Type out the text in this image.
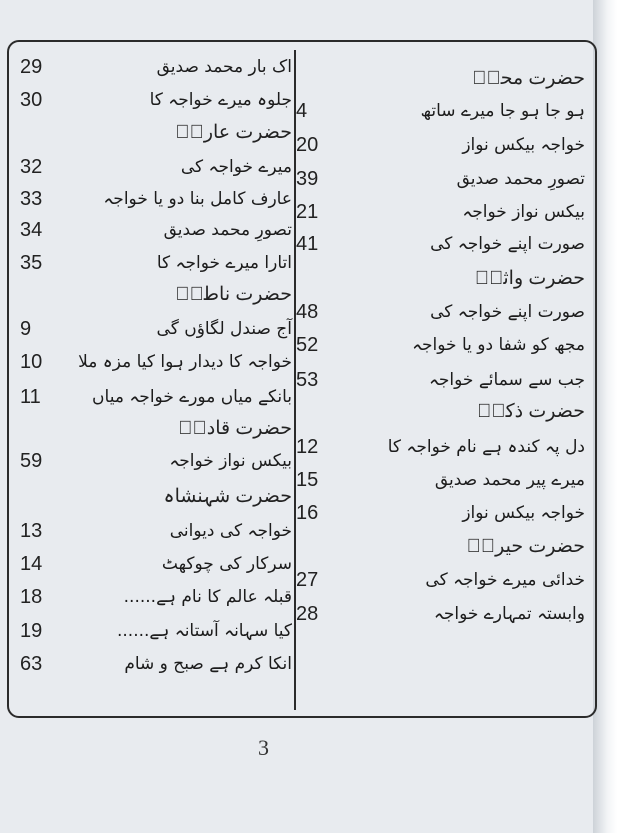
29	اک بار محمد صدیق
30	جلوہ میرے خواجہ کا
حضرت عارفؔ
32	میرے خواجہ کی
33	عارف کامل بنا دو یا خواجہ
34	تصورِ محمد صدیق
35	اتارا میرے خواجہ کا
حضرت ناطقؔ
9	آج صندل لگاؤں گی
10 خواجہ کا دیدار ہوا کیا مزہ ملا
11	بانکے میاں مورے خواجہ میاں
حضرت قادرؔ
59	بیکس نواز خواجہ
حضرت شہنشاہ
13	خواجہ کی دیوانی
14	سرکار کی چوکھٹ
18	قبلہ عالم کا نام ہے......
19	کیا سہانہ آستانہ ہے......
63	انکا کرم ہے صبح و شام
حضرت محیؔ
4	ہو جا ہو جا میرے ساتھ
20	خواجہ بیکس نواز
39	تصورِ محمد صدیق
21	بیکس نواز خواجہ
41	صورت اپنے خواجہ کی
حضرت واثقؔ
48	صورت اپنے خواجہ کی
52	مجھ کو شفا دو یا خواجہ
53	جب سے سمائے خواجہ
حضرت ذکیؔ
12	دل پہ کندہ ہے نام خواجہ کا
15	میرے پیر محمد صدیق
16	خواجہ بیکس نواز
حضرت حیرتؔ
27	خدائی میرے خواجہ کی
28	وابستہ تمہارے خواجہ
3
